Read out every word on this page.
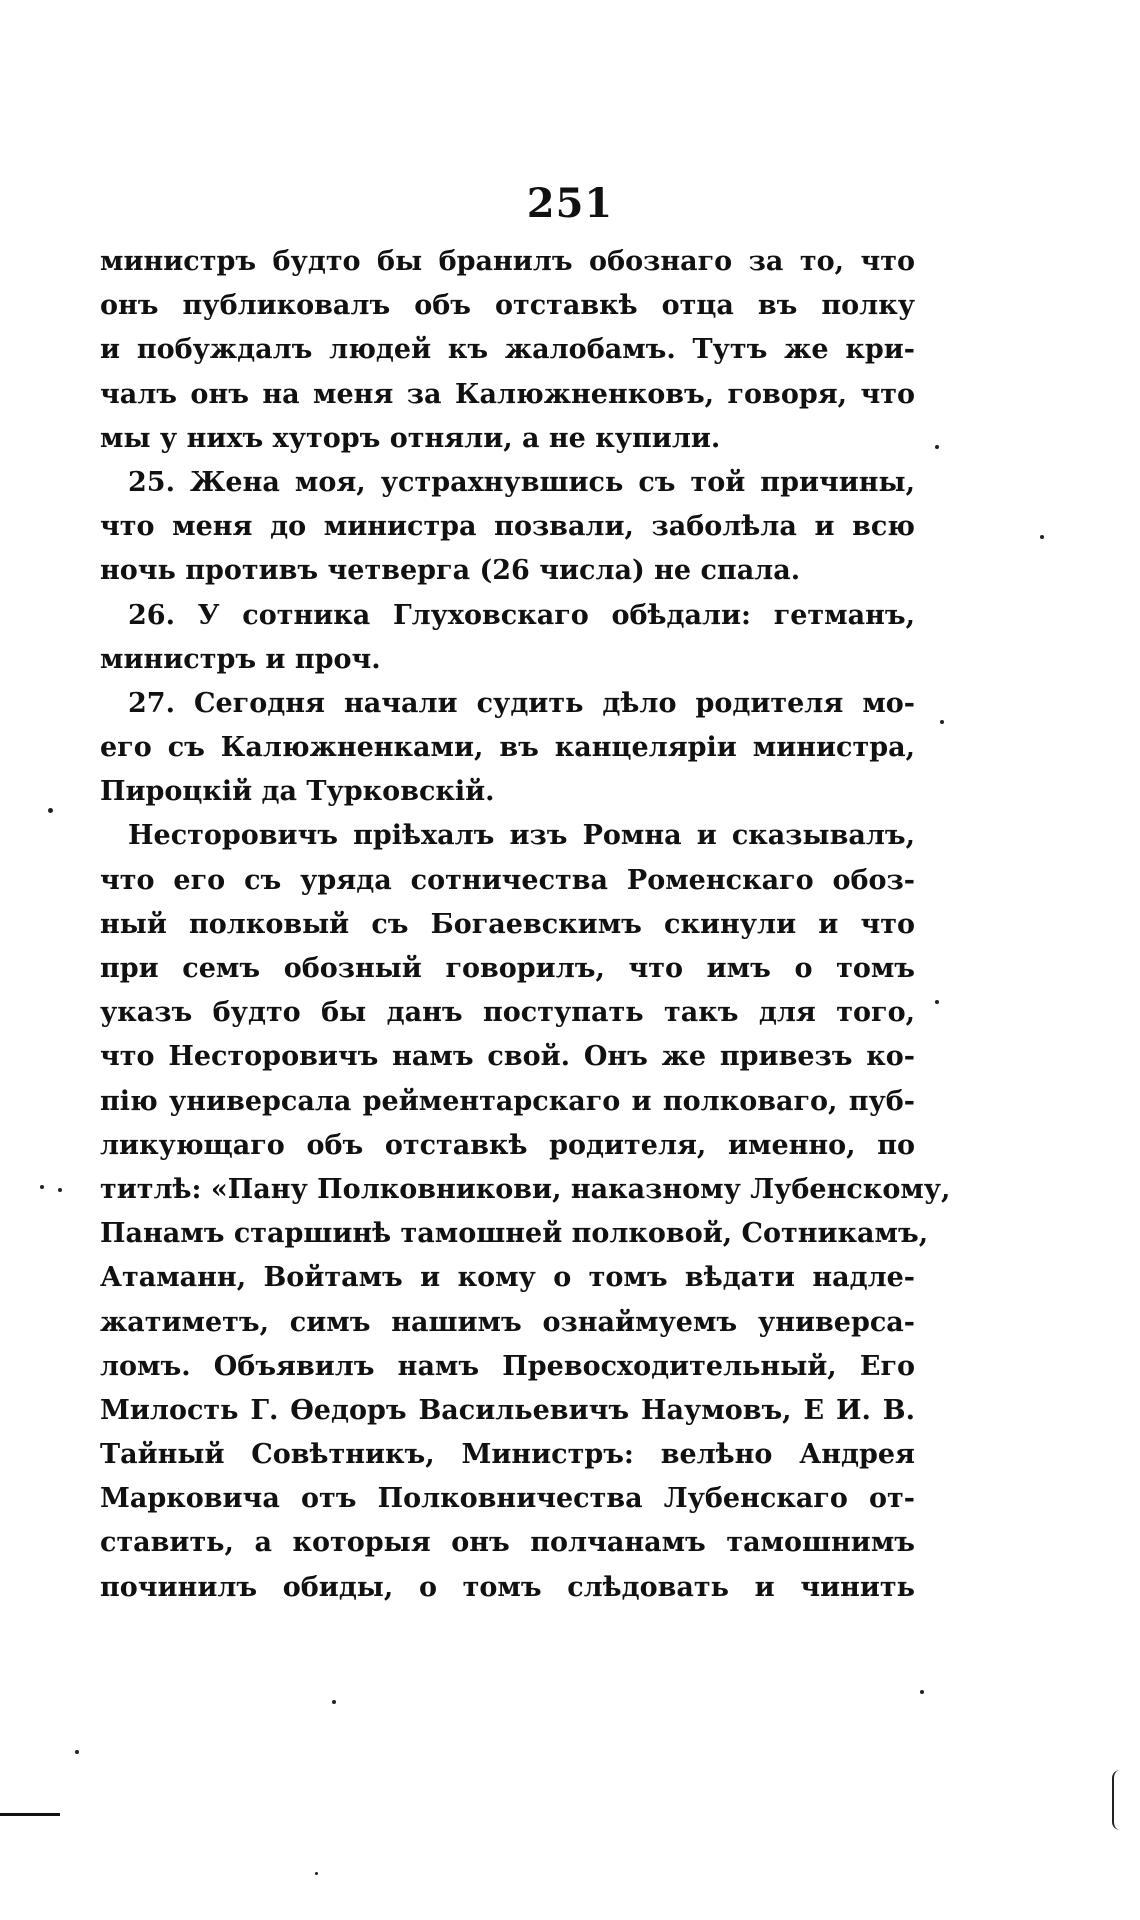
251
министръ будто бы бранилъ обознаго за то, что
онъ публиковалъ объ отставкѣ отца въ полку
и побуждалъ людей къ жалобамъ. Тутъ же кри-
чалъ онъ на меня за Калюжненковъ, говоря, что
мы у нихъ хуторъ отняли, а не купили.
25. Жена моя, устрахнувшись съ той причины,
что меня до министра позвали, заболѣла и всю
ночь противъ четверга (26 числа) не спала.
26. У сотника Глуховскаго обѣдали: гетманъ,
министръ и проч.
27. Сегодня начали судить дѣло родителя мо-
его съ Калюжненками, въ канцеляріи министра,
Пироцкій да Турковскій.
Несторовичъ пріѣхалъ изъ Ромна и сказывалъ,
что его съ уряда сотничества Роменскаго обоз-
ный полковый съ Богаевскимъ скинули и что
при семъ обозный говорилъ, что имъ о томъ
указъ будто бы данъ поступать такъ для того,
что Несторовичъ намъ свой. Онъ же привезъ ко-
пію универсала рейментарскаго и полковаго, пуб-
ликующаго объ отставкѣ родителя, именно, по
титлѣ: «Пану Полковникови, наказному Лубенскому,
Панамъ старшинѣ тамошней полковой, Сотникамъ,
Атаманн, Войтамъ и кому о томъ вѣдати надле-
жатиметъ, симъ нашимъ ознаймуемъ универса-
ломъ. Объявилъ намъ Превосходительный, Его
Милость Г. Ѳедоръ Васильевичъ Наумовъ, Е И. В.
Тайный Совѣтникъ, Министръ: велѣно Андрея
Марковича отъ Полковничества Лубенскаго от-
ставить, а которыя онъ полчанамъ тамошнимъ
починилъ обиды, о томъ слѣдовать и чинить
